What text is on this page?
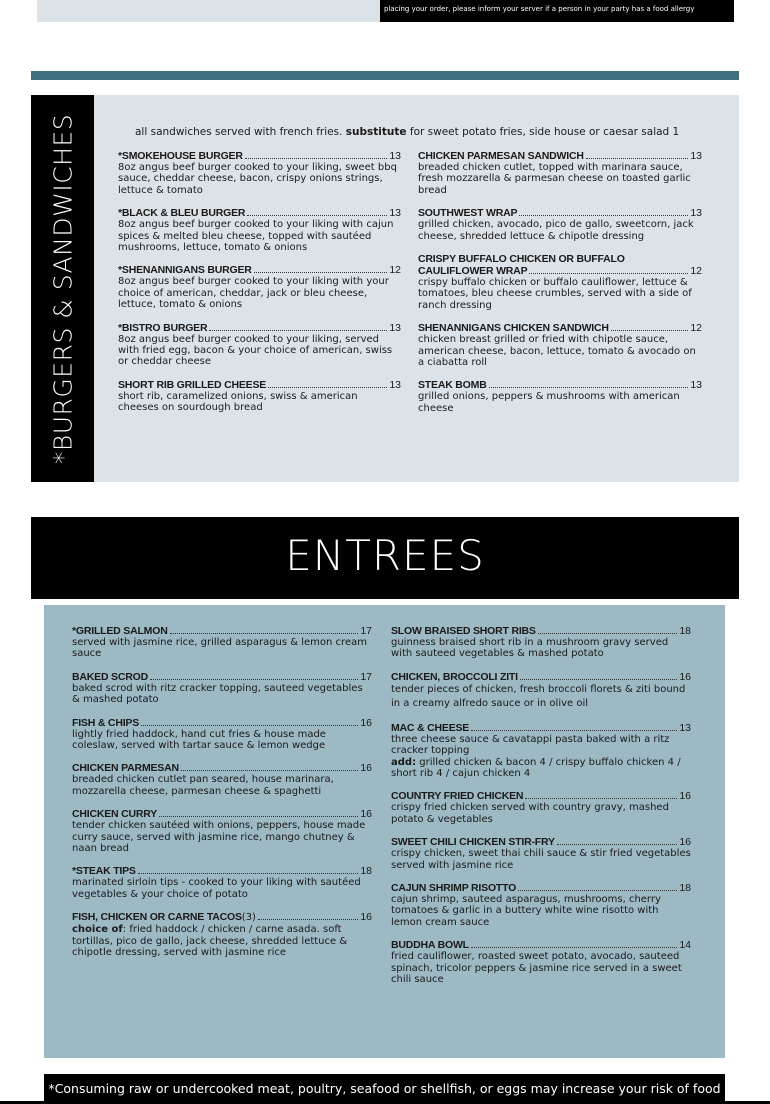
placing your order, please inform your server if a person in your party has a food allergy
*BURGERS & SANDWICHES	all sandwiches served with french fries. substitute for sweet potato fries, side house or caesar salad 1
*SMOKEHOUSE BURGER	13
8oz angus beef burger cooked to your liking, sweet bbq sauce, cheddar cheese, bacon, crispy onions strings, lettuce & tomato
*BLACK & BLEU BURGER	13
8oz angus beef burger cooked to your liking with cajun spices & melted bleu cheese, topped with sautéed mushrooms, lettuce, tomato & onions
*SHENANNIGANS BURGER	12
8oz angus beef burger cooked to your liking with your choice of american, cheddar, jack or bleu cheese, lettuce, tomato & onions
*BISTRO BURGER	13
8oz angus beef burger cooked to your liking, served with fried egg, bacon & your choice of american, swiss or cheddar cheese
SHORT RIB GRILLED CHEESE	13
short rib, caramelized onions, swiss & american cheeses on sourdough bread
CHICKEN PARMESAN SANDWICH	13
breaded chicken cutlet, topped with marinara sauce, fresh mozzarella & parmesan cheese on toasted garlic bread
SOUTHWEST WRAP	13
grilled chicken, avocado, pico de gallo, sweetcorn, jack cheese, shredded lettuce & chipotle dressing
CRISPY BUFFALO CHICKEN OR BUFFALO
CAULIFLOWER WRAP	12
crispy buffalo chicken or buffalo cauliflower, lettuce & tomatoes, bleu cheese crumbles, served with a side of ranch dressing
SHENANNIGANS CHICKEN SANDWICH	12
chicken breast grilled or fried with chipotle sauce, american cheese, bacon, lettuce, tomato & avocado on a ciabatta roll
STEAK BOMB	13
grilled onions, peppers & mushrooms with american cheese
ENTREES
*GRILLED SALMON	17
served with jasmine rice, grilled asparagus & lemon cream sauce
BAKED SCROD	17
baked scrod with ritz cracker topping, sauteed vegetables & mashed potato
FISH & CHIPS	16
lightly fried haddock, hand cut fries & house made coleslaw, served with tartar sauce & lemon wedge
CHICKEN PARMESAN	16
breaded chicken cutlet pan seared, house marinara, mozzarella cheese, parmesan cheese & spaghetti
CHICKEN CURRY	16
tender chicken sautéed with onions, peppers, house made curry sauce, served with jasmine rice, mango chutney & naan bread
*STEAK TIPS	18
marinated sirloin tips - cooked to your liking with sautéed vegetables & your choice of potato
FISH, CHICKEN OR CARNE TACOS (3)	16
choice of: fried haddock / chicken / carne asada. soft tortillas, pico de gallo, jack cheese, shredded lettuce & chipotle dressing, served with jasmine rice
SLOW BRAISED SHORT RIBS	18
guinness braised short rib in a mushroom gravy served with sauteed vegetables & mashed potato
CHICKEN, BROCCOLI ZITI	16
tender pieces of chicken, fresh broccoli florets & ziti bound in a creamy alfredo sauce or in olive oil
MAC & CHEESE	13
three cheese sauce & cavatappi pasta baked with a ritz cracker topping
add: grilled chicken & bacon 4 / crispy buffalo chicken 4 / short rib 4 / cajun chicken 4
COUNTRY FRIED CHICKEN	16
crispy fried chicken served with country gravy, mashed potato & vegetables
SWEET CHILI CHICKEN STIR-FRY	16
crispy chicken, sweet thai chili sauce & stir fried vegetables served with jasmine rice
CAJUN SHRIMP RISOTTO	18
cajun shrimp, sauteed asparagus, mushrooms, cherry tomatoes & garlic in a buttery white wine risotto with lemon cream sauce
BUDDHA BOWL	14
fried cauliflower, roasted sweet potato, avocado, sauteed spinach, tricolor peppers & jasmine rice served in a sweet chili sauce
*Consuming raw or undercooked meat, poultry, seafood or shellfish, or eggs may increase your risk of food
